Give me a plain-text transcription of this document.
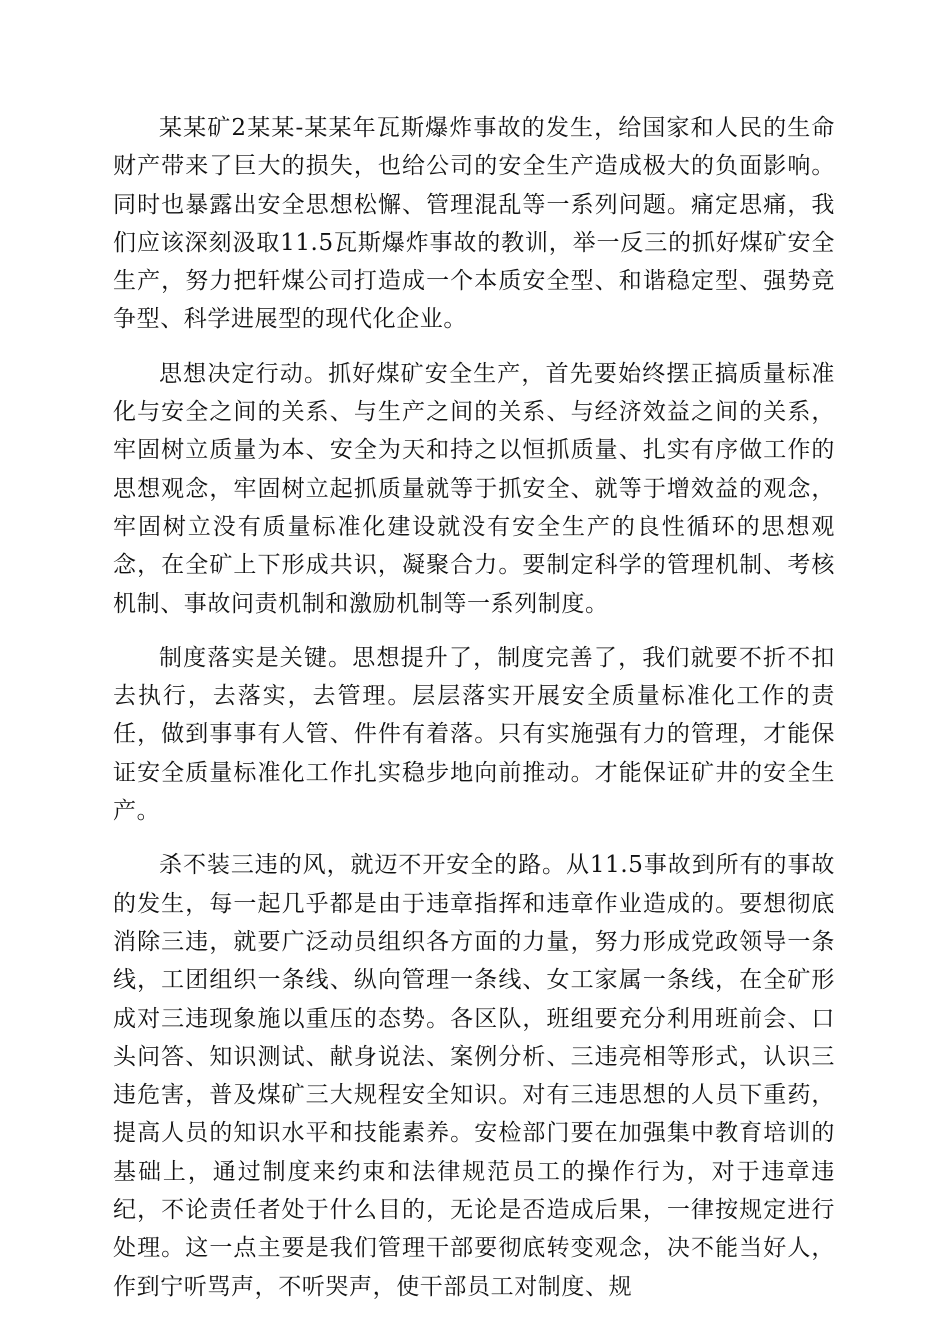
某某矿2某某-某某年瓦斯爆炸事故的发生，给国家和人民的生命财产带来了巨大的损失，也给公司的安全生产造成极大的负面影响。同时也暴露出安全思想松懈、管理混乱等一系列问题。痛定思痛，我们应该深刻汲取11.5瓦斯爆炸事故的教训，举一反三的抓好煤矿安全生产，努力把轩煤公司打造成一个本质安全型、和谐稳定型、强势竞争型、科学进展型的现代化企业。

思想决定行动。抓好煤矿安全生产，首先要始终摆正搞质量标准化与安全之间的关系、与生产之间的关系、与经济效益之间的关系，牢固树立质量为本、安全为天和持之以恒抓质量、扎实有序做工作的思想观念，牢固树立起抓质量就等于抓安全、就等于增效益的观念，牢固树立没有质量标准化建设就没有安全生产的良性循环的思想观念，在全矿上下形成共识，凝聚合力。要制定科学的管理机制、考核机制、事故问责机制和激励机制等一系列制度。

制度落实是关键。思想提升了，制度完善了，我们就要不折不扣去执行，去落实，去管理。层层落实开展安全质量标准化工作的责任，做到事事有人管、件件有着落。只有实施强有力的管理，才能保证安全质量标准化工作扎实稳步地向前推动。才能保证矿井的安全生产。

杀不装三违的风，就迈不开安全的路。从11.5事故到所有的事故的发生，每一起几乎都是由于违章指挥和违章作业造成的。要想彻底消除三违，就要广泛动员组织各方面的力量，努力形成党政领导一条线，工团组织一条线、纵向管理一条线、女工家属一条线，在全矿形成对三违现象施以重压的态势。各区队，班组要充分利用班前会、口头问答、知识测试、献身说法、案例分析、三违亮相等形式，认识三违危害，普及煤矿三大规程安全知识。对有三违思想的人员下重药，提高人员的知识水平和技能素养。安检部门要在加强集中教育培训的基础上，通过制度来约束和法律规范员工的操作行为，对于违章违纪，不论责任者处于什么目的，无论是否造成后果，一律按规定进行处理。这一点主要是我们管理干部要彻底转变观念，决不能当好人，作到宁听骂声，不听哭声，使干部员工对制度、规
